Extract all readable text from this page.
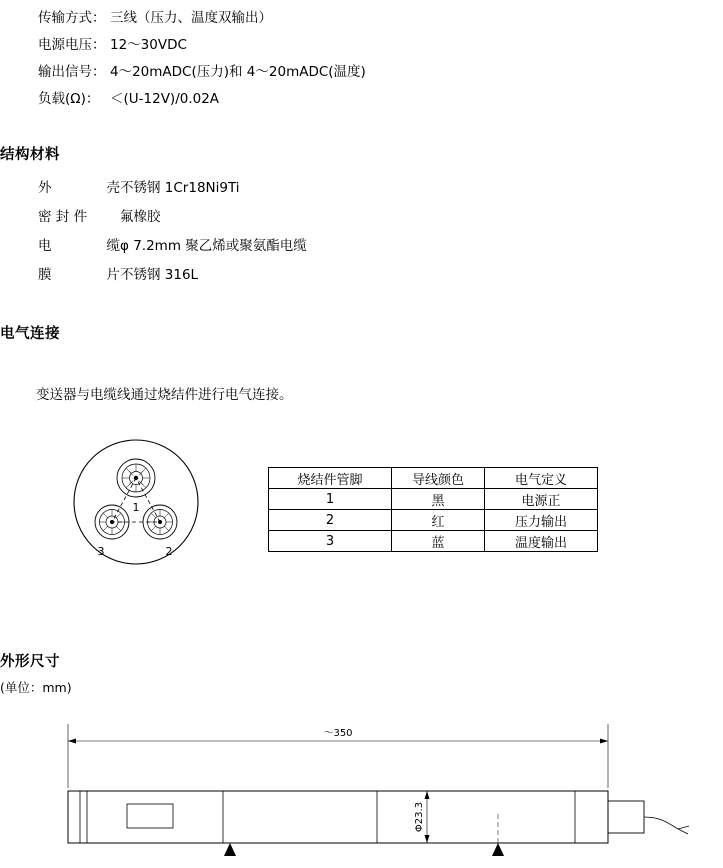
传输方式： 三线（压力、温度双输出）
电源电压： 12～30VDC
输出信号： 4～20mADC(压力)和 4～20mADC(温度)
负载(Ω)： ＜(U-12V)/0.02A
结构材料
外	壳 不锈钢 1Cr18Ni9Ti
密 封 件 氟橡胶
电	缆 φ 7.2mm 聚乙烯或聚氨酯电缆
膜	片 不锈钢 316L
电气连接
变送器与电缆线通过烧结件进行电气连接。
1
3	2
烧结件管脚	导线颜色	电气定义
1	黑	电源正
2	红	压力输出
3	蓝	温度输出
外形尺寸
(单位：mm)
～350
Φ23.3
